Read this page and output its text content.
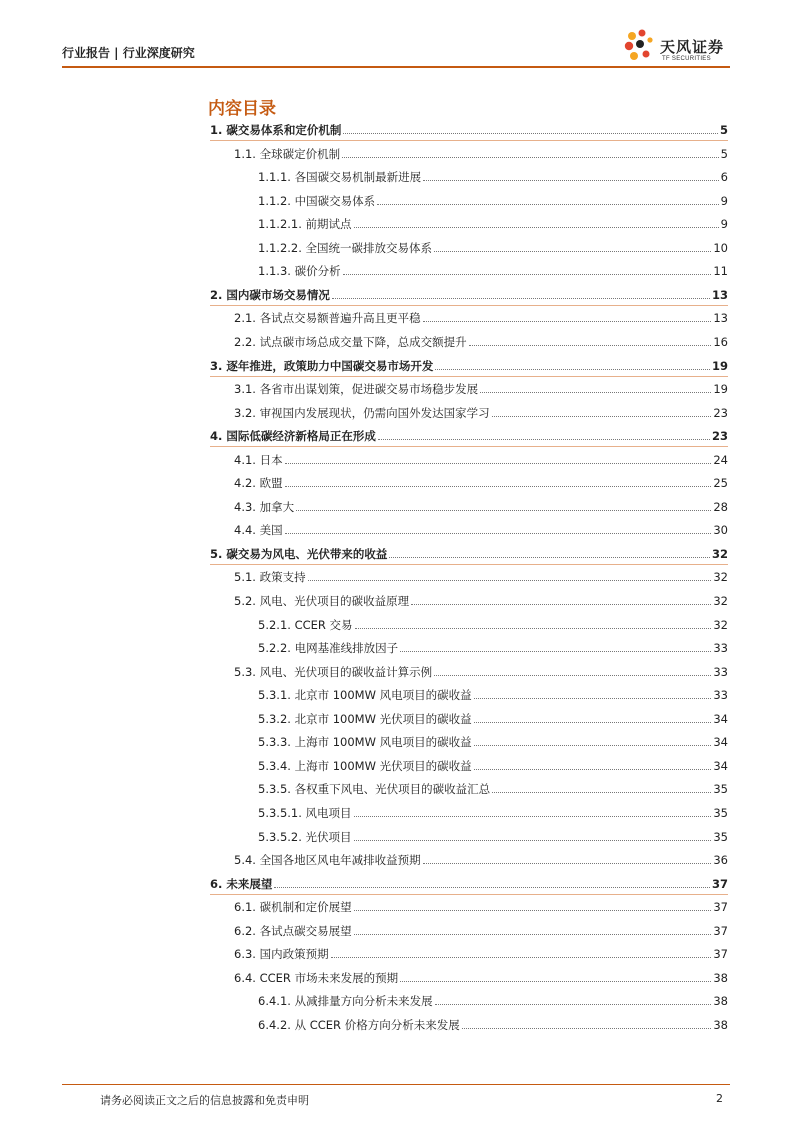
行业报告 | 行业深度研究	天风证券
TF SECURITIES
内容目录
1. 碳交易体系和定价机制	5
1.1. 全球碳定价机制	5
1.1.1. 各国碳交易机制最新进展	6
1.1.2. 中国碳交易体系	9
1.1.2.1. 前期试点	9
1.1.2.2. 全国统一碳排放交易体系	10
1.1.3. 碳价分析	11
2. 国内碳市场交易情况	13
2.1. 各试点交易额普遍升高且更平稳	13
2.2. 试点碳市场总成交量下降，总成交额提升	16
3. 逐年推进，政策助力中国碳交易市场开发	19
3.1. 各省市出谋划策，促进碳交易市场稳步发展	19
3.2. 审视国内发展现状，仍需向国外发达国家学习	23
4. 国际低碳经济新格局正在形成	23
4.1. 日本	24
4.2. 欧盟	25
4.3. 加拿大	28
4.4. 美国	30
5. 碳交易为风电、光伏带来的收益	32
5.1. 政策支持	32
5.2. 风电、光伏项目的碳收益原理	32
5.2.1. CCER 交易	32
5.2.2. 电网基准线排放因子	33
5.3. 风电、光伏项目的碳收益计算示例	33
5.3.1. 北京市 100MW 风电项目的碳收益	33
5.3.2. 北京市 100MW 光伏项目的碳收益	34
5.3.3. 上海市 100MW 风电项目的碳收益	34
5.3.4. 上海市 100MW 光伏项目的碳收益	34
5.3.5. 各权重下风电、光伏项目的碳收益汇总	35
5.3.5.1. 风电项目	35
5.3.5.2. 光伏项目	35
5.4. 全国各地区风电年减排收益预期	36
6. 未来展望	37
6.1. 碳机制和定价展望	37
6.2. 各试点碳交易展望	37
6.3. 国内政策预期	37
6.4. CCER 市场未来发展的预期	38
6.4.1. 从减排量方向分析未来发展	38
6.4.2. 从 CCER 价格方向分析未来发展	38
请务必阅读正文之后的信息披露和免责申明	2
